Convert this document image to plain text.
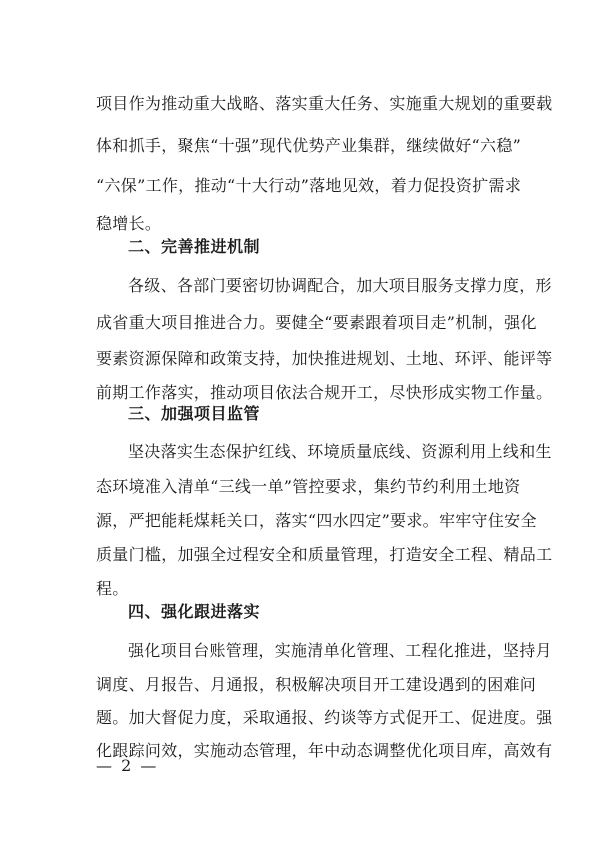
项目作为推动重大战略、落实重大任务、实施重大规划的重要载
体和抓手，聚焦“十强”现代优势产业集群，继续做好“六稳”
“六保”工作，推动“十大行动”落地见效，着力促投资扩需求
稳增长。
二、完善推进机制
各级、各部门要密切协调配合，加大项目服务支撑力度，形
成省重大项目推进合力。要健全“要素跟着项目走”机制，强化
要素资源保障和政策支持，加快推进规划、土地、环评、能评等
前期工作落实，推动项目依法合规开工，尽快形成实物工作量。
三、加强项目监管
坚决落实生态保护红线、环境质量底线、资源利用上线和生
态环境准入清单“三线一单”管控要求，集约节约利用土地资
源，严把能耗煤耗关口，落实“四水四定”要求。牢牢守住安全
质量门槛，加强全过程安全和质量管理，打造安全工程、精品工
程。
四、强化跟进落实
强化项目台账管理，实施清单化管理、工程化推进，坚持月
调度、月报告、月通报，积极解决项目开工建设遇到的困难问
题。加大督促力度，采取通报、约谈等方式促开工、促进度。强
化跟踪问效，实施动态管理，年中动态调整优化项目库，高效有
— 2 —
